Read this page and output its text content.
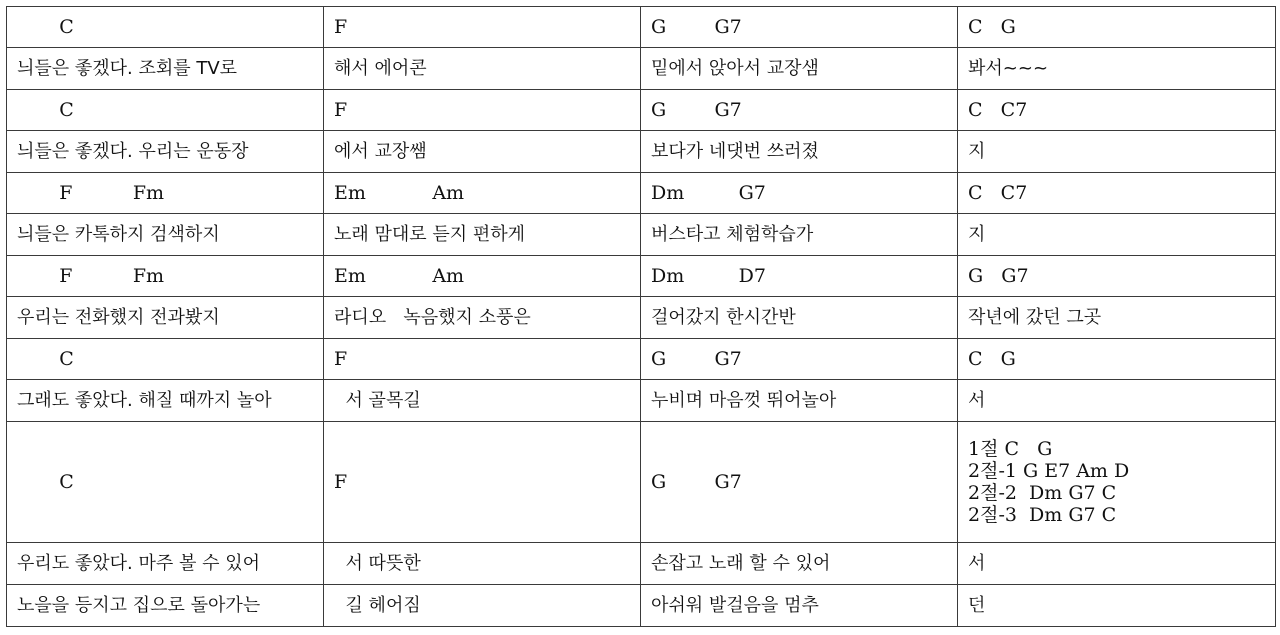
C	F	G        G7	C   G
늬들은 좋겠다. 조회를 TV로	해서 에어콘	밑에서 앉아서 교장샘	봐서~~~
C	F	G        G7	C   C7
늬들은 좋겠다. 우리는 운동장	에서 교장쌤	보다가 네댓번 쓰러졌	지
F          Fm	Em           Am	Dm         G7	C   C7
늬들은 카톡하지 검색하지	노래 맘대로 듣지 편하게	버스타고 체험학습가	지
F          Fm	Em           Am	Dm         D7	G   G7
우리는 전화했지 전과봤지	라디오   녹음했지 소풍은	걸어갔지 한시간반	작년에 갔던 그곳
C	F	G        G7	C   G
그래도 좋았다. 해질 때까지 놀아	서 골목길	누비며 마음껏 뛰어놀아	서
C	F	G        G7	1절 C   G
2절-1 G E7 Am D
2절-2  Dm G7 C
2절-3  Dm G7 C

우리도 좋았다. 마주 볼 수 있어	서 따뜻한	손잡고 노래 할 수 있어	서
노을을 등지고 집으로 돌아가는	길 헤어짐	아쉬워 발걸음을 멈추	던
